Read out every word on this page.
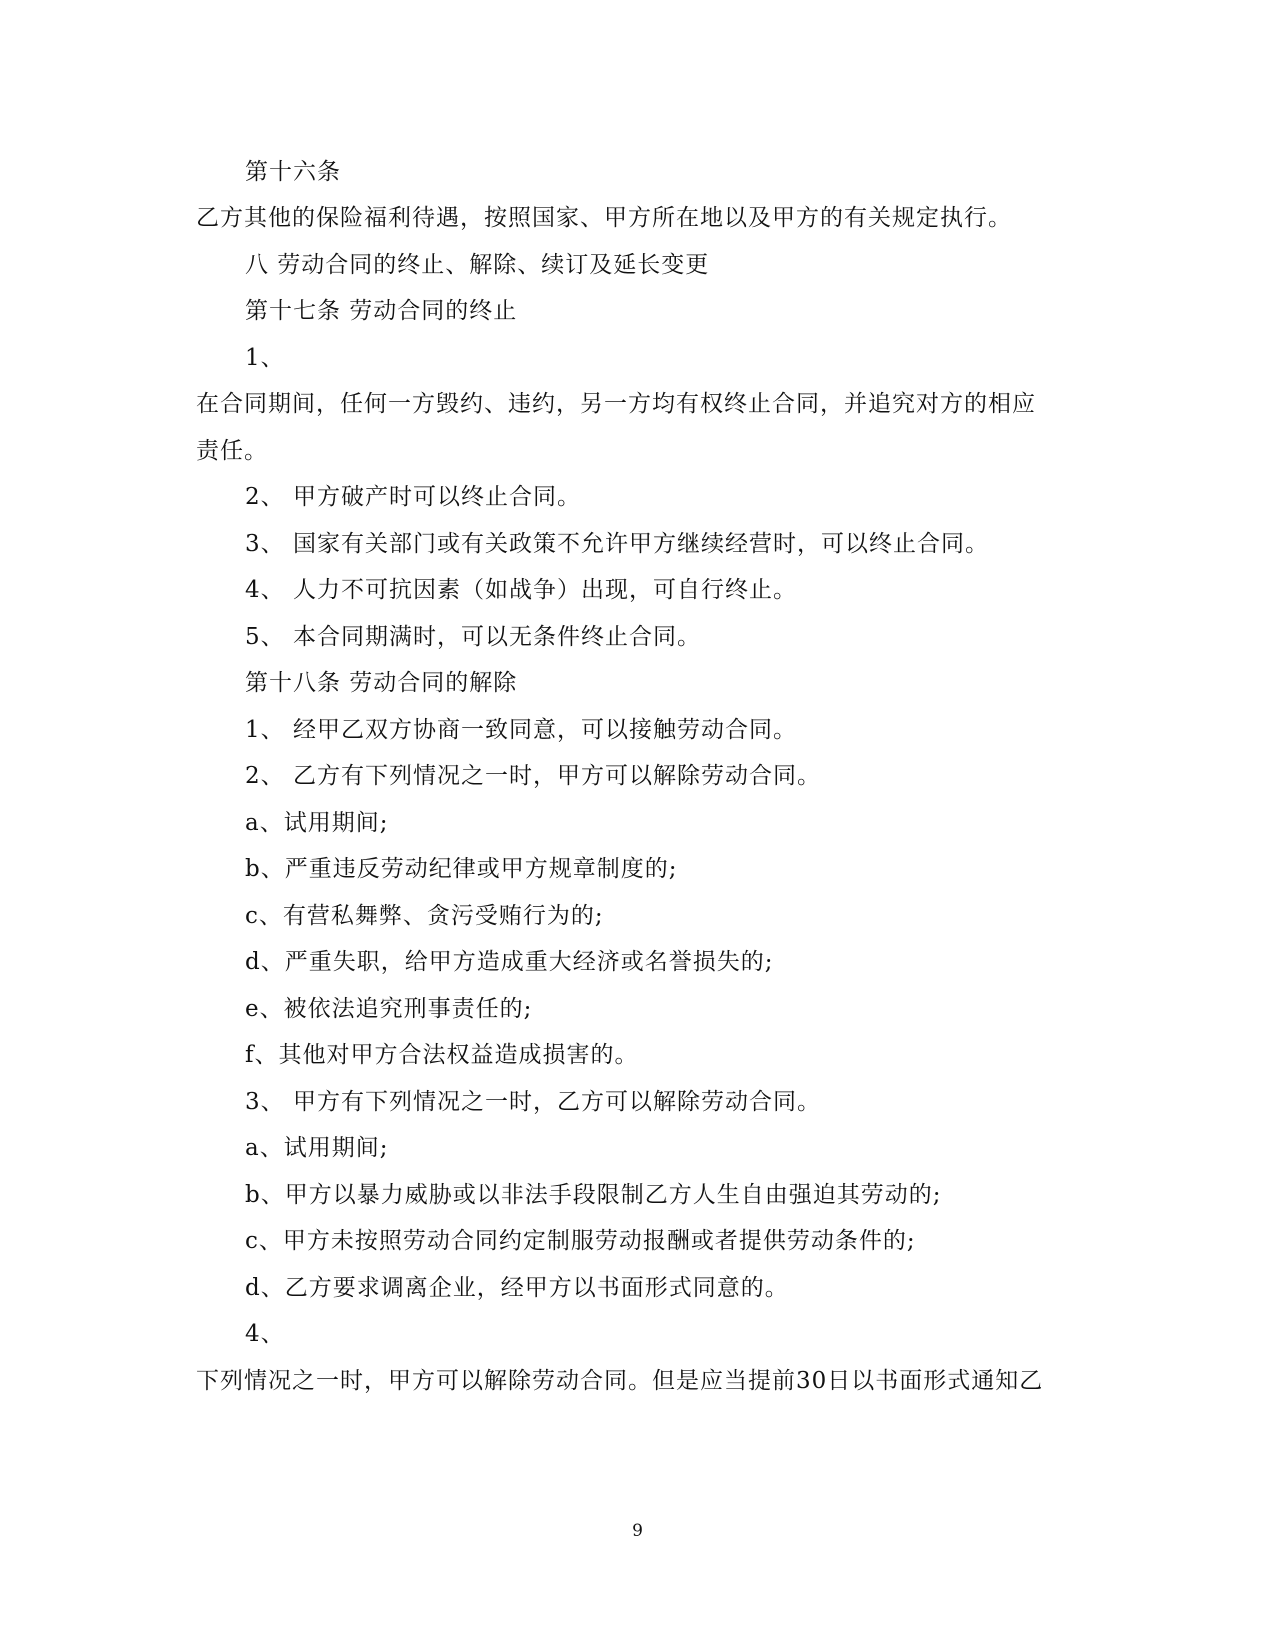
第十六条
乙方其他的保险福利待遇，按照国家、甲方所在地以及甲方的有关规定执行。
八 劳动合同的终止、解除、续订及延长变更
第十七条 劳动合同的终止
1、
在合同期间，任何一方毁约、违约，另一方均有权终止合同，并追究对方的相应
责任。
2、 甲方破产时可以终止合同。
3、 国家有关部门或有关政策不允许甲方继续经营时，可以终止合同。
4、 人力不可抗因素（如战争）出现，可自行终止。
5、 本合同期满时，可以无条件终止合同。
第十八条 劳动合同的解除
1、 经甲乙双方协商一致同意，可以接触劳动合同。
2、 乙方有下列情况之一时，甲方可以解除劳动合同。
a、试用期间;
b、严重违反劳动纪律或甲方规章制度的;
c、有营私舞弊、贪污受贿行为的;
d、严重失职，给甲方造成重大经济或名誉损失的;
e、被依法追究刑事责任的;
f、其他对甲方合法权益造成损害的。
3、 甲方有下列情况之一时，乙方可以解除劳动合同。
a、试用期间;
b、甲方以暴力威胁或以非法手段限制乙方人生自由强迫其劳动的;
c、甲方未按照劳动合同约定制服劳动报酬或者提供劳动条件的;
d、乙方要求调离企业，经甲方以书面形式同意的。
4、
下列情况之一时，甲方可以解除劳动合同。但是应当提前30日以书面形式通知乙
9
